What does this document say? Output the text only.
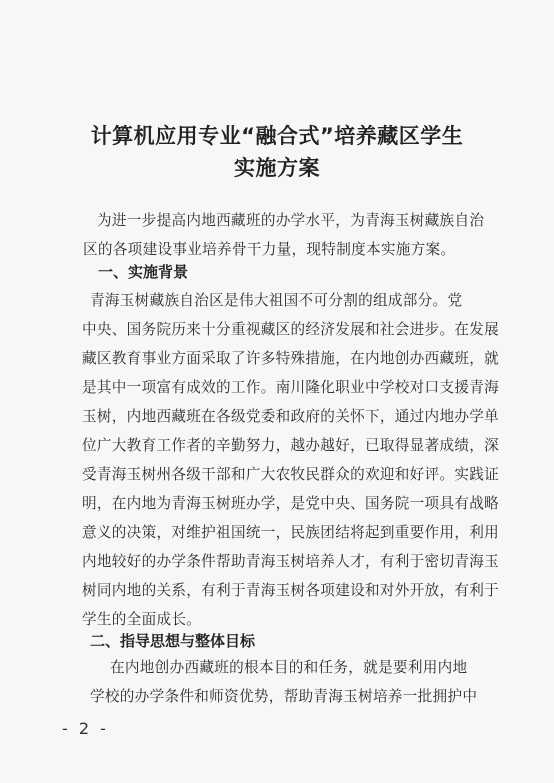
计算机应用专业“融合式”培养藏区学生
实施方案
为进一步提高内地西藏班的办学水平，为青海玉树藏族自治
区的各项建设事业培养骨干力量，现特制度本实施方案。
一、实施背景
青海玉树藏族自治区是伟大祖国不可分割的组成部分。党
中央、国务院历来十分重视藏区的经济发展和社会进步。在发展
藏区教育事业方面采取了许多特殊措施，在内地创办西藏班，就
是其中一项富有成效的工作。南川隆化职业中学校对口支援青海
玉树，内地西藏班在各级党委和政府的关怀下，通过内地办学单
位广大教育工作者的辛勤努力，越办越好，已取得显著成绩，深
受青海玉树州各级干部和广大农牧民群众的欢迎和好评。实践证
明，在内地为青海玉树班办学，是党中央、国务院一项具有战略
意义的决策，对维护祖国统一，民族团结将起到重要作用，利用
内地较好的办学条件帮助青海玉树培养人才，有利于密切青海玉
树同内地的关系，有利于青海玉树各项建设和对外开放，有利于
学生的全面成长。
二、指导思想与整体目标
在内地创办西藏班的根本目的和任务，就是要利用内地
学校的办学条件和师资优势，帮助青海玉树培养一批拥护中
- 2 -
